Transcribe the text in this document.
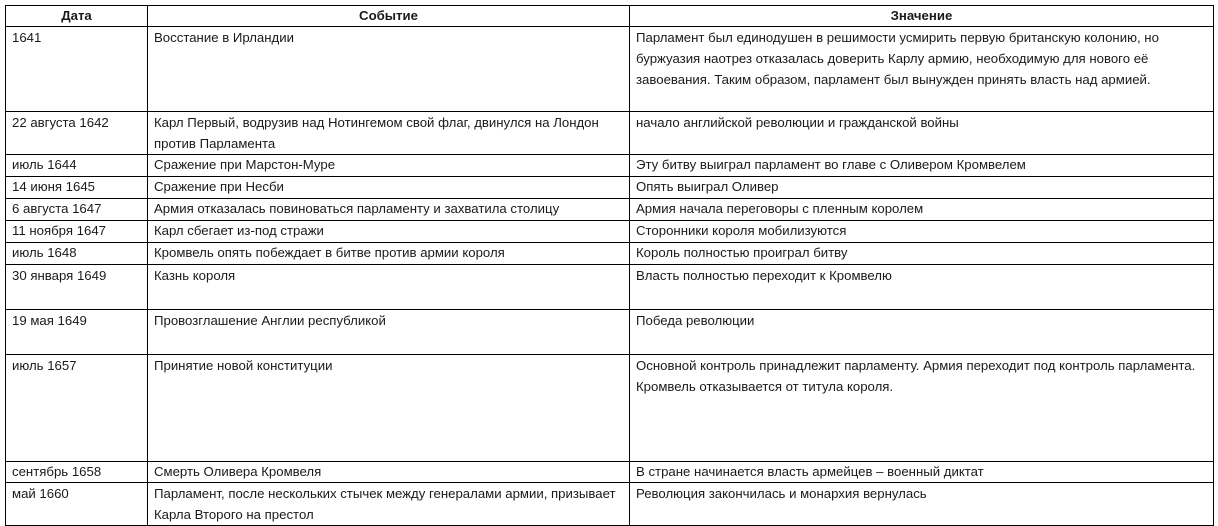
Дата	Событие	Значение
1641	Восстание в Ирландии	Парламент был единодушен в решимости усмирить первую британскую колонию, но буржуазия наотрез отказалась доверить Карлу армию, необходимую для нового её завоевания. Таким образом, парламент был вынужден принять власть над армией.
22 августа 1642	Карл Первый, водрузив над Нотингемом свой флаг, двинулся на Лондон против Парламента	начало английской революции и гражданской войны
июль 1644	Сражение при Марстон-Муре	Эту битву выиграл парламент во главе с Оливером Кромвелем
14 июня 1645	Сражение при Несби	Опять выиграл Оливер
6 августа 1647	Армия отказалась повиноваться парламенту и захватила столицу	Армия начала переговоры с пленным королем
11 ноября 1647	Карл сбегает из-под стражи	Сторонники короля мобилизуются
июль 1648	Кромвель опять побеждает в битве против армии короля	Король полностью проиграл битву
30 января 1649	Казнь короля	Власть полностью переходит к Кромвелю
19 мая 1649	Провозглашение Англии республикой	Победа революции
июль 1657	Принятие новой конституции	Основной контроль принадлежит парламенту. Армия переходит под контроль парламента. Кромвель отказывается от титула короля.
сентябрь 1658	Смерть Оливера Кромвеля	В стране начинается власть армейцев – военный диктат
май 1660	Парламент, после нескольких стычек между генералами армии, призывает Карла Второго на престол	Революция закончилась и монархия вернулась
